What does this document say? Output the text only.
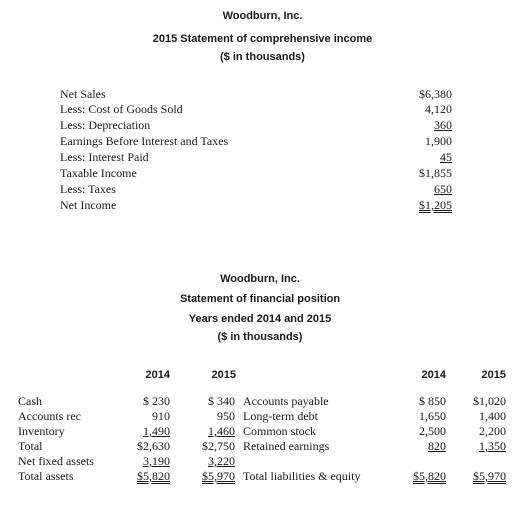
Woodburn, Inc.
2015 Statement of comprehensive income
($ in thousands)
Net Sales	$6,380
Less: Cost of Goods Sold	4,120
Less: Depreciation	360
Earnings Before Interest and Taxes	1,900
Less: Interest Paid	45
Taxable Income	$1,855
Less: Taxes	650
Net Income	$1,205
Woodburn, Inc.
Statement of financial position
Years ended 2014 and 2015
($ in thousands)
2014	2015	2014	2015
Cash	$ 230	$ 340
Accounts rec	910	950
Inventory	1,490	1,460
Total	$2,630	$2,750
Net fixed assets	3,190	3,220
Total assets	$5,820	$5,970
Accounts payable	$ 850	$1,020
Long-term debt	1,650	1,400
Common stock	2,500	2,200
Retained earnings	820	1,350
Total liabilities & equity	$5,820	$5,970
